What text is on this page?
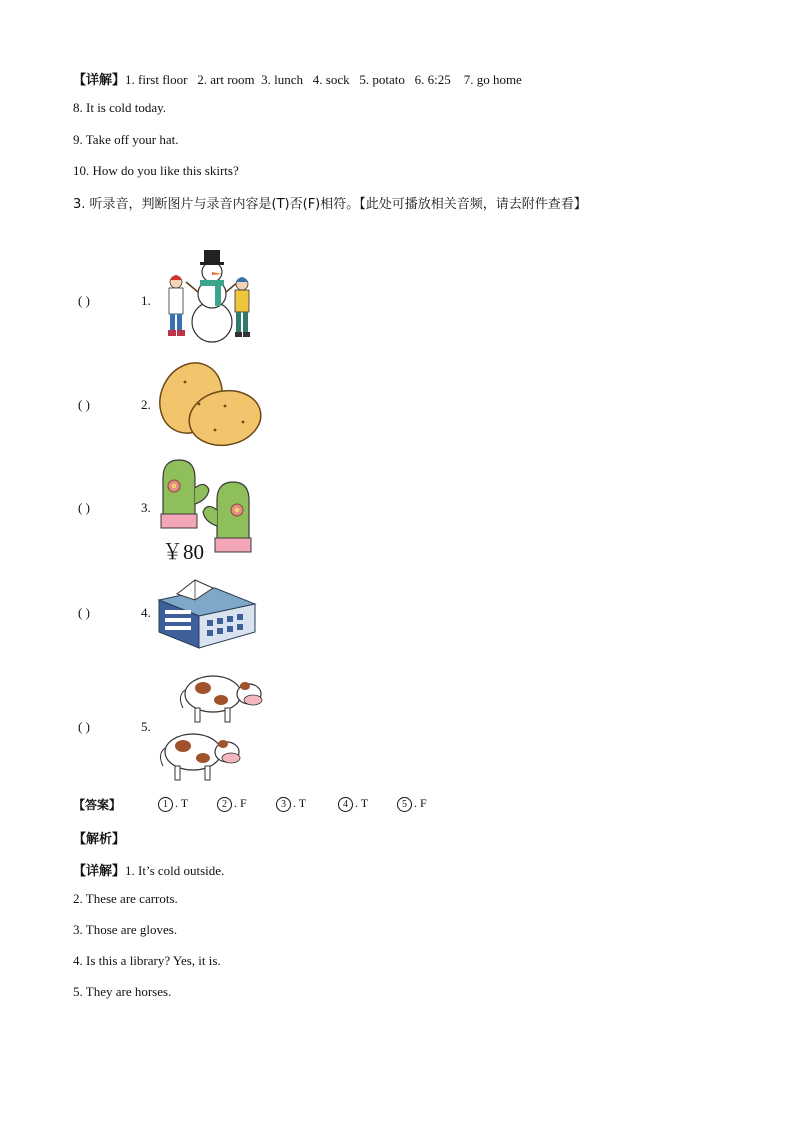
【详解】1. first floor   2. art room  3. lunch   4. sock   5. potato   6. 6:25    7. go home
8. It is cold today.
9. Take off your hat.
10. How do you like this skirts?
3. 听录音，判断图片与录音内容是(T)否(F)相符。【此处可播放相关音频，请去附件查看】
( )	1.
( )	2.
( )	3.
￥80
( )	4.
( )	5.
【答案】	1 . T	2 . F	3 . T	4 . T	5 . F
【解析】
【详解】1. It’s cold outside.
2. These are carrots.
3. Those are gloves.
4. Is this a library? Yes, it is.
5. They are horses.
